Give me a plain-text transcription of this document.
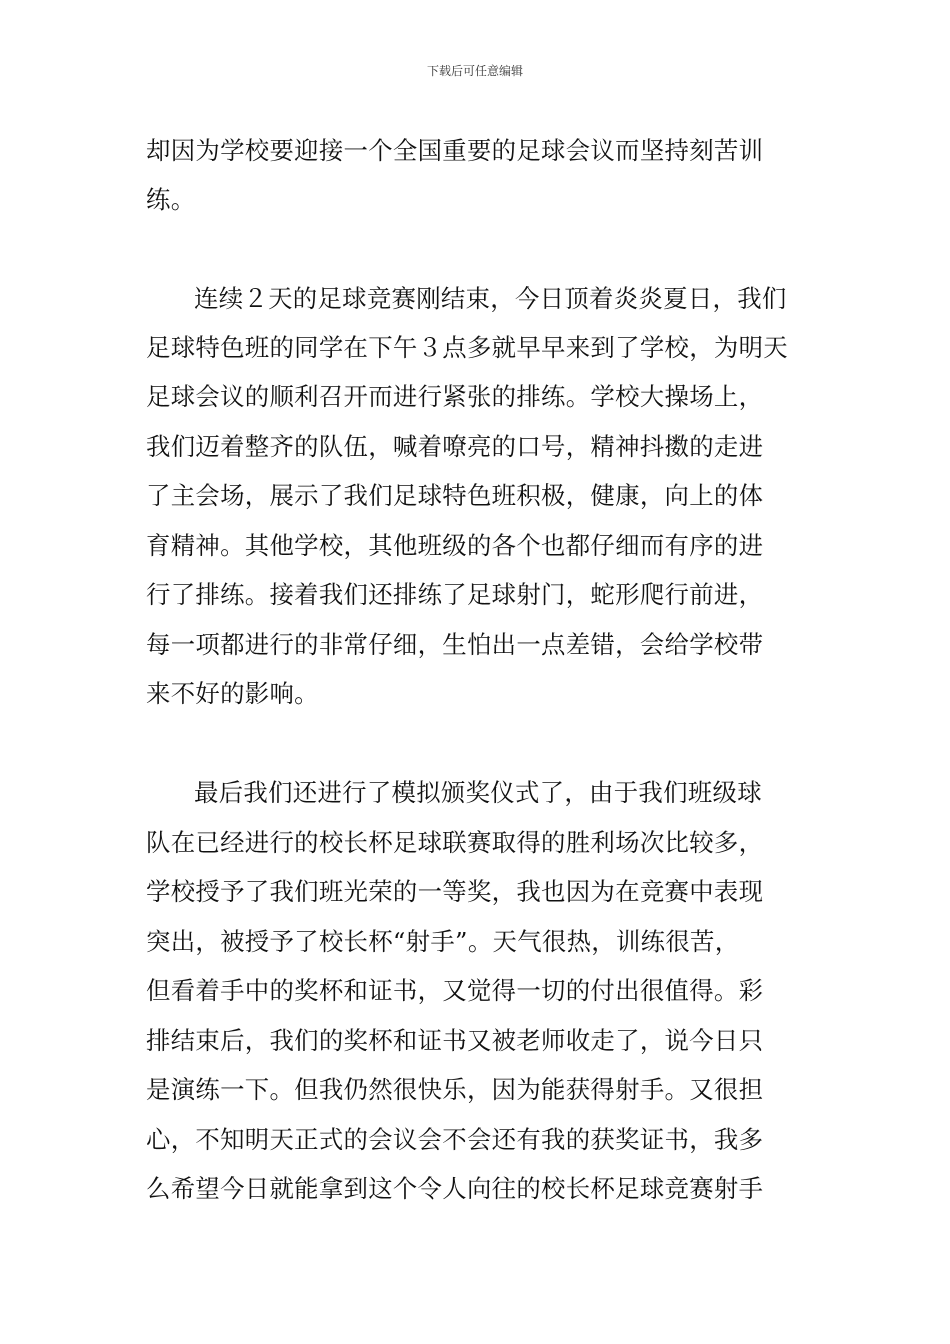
下载后可任意编辑
却因为学校要迎接一个全国重要的足球会议而坚持刻苦训
练。
连续２天的足球竞赛刚结束，今日顶着炎炎夏日，我们
足球特色班的同学在下午３点多就早早来到了学校，为明天
足球会议的顺利召开而进行紧张的排练。学校大操场上，
我们迈着整齐的队伍，喊着嘹亮的口号，精神抖擞的走进
了主会场，展示了我们足球特色班积极，健康，向上的体
育精神。其他学校，其他班级的各个也都仔细而有序的进
行了排练。接着我们还排练了足球射门，蛇形爬行前进，
每一项都进行的非常仔细，生怕出一点差错，会给学校带
来不好的影响。
最后我们还进行了模拟颁奖仪式了，由于我们班级球
队在已经进行的校长杯足球联赛取得的胜利场次比较多，
学校授予了我们班光荣的一等奖，我也因为在竞赛中表现
突出，被授予了校长杯“射手”。天气很热，训练很苦，
但看着手中的奖杯和证书，又觉得一切的付出很值得。彩
排结束后，我们的奖杯和证书又被老师收走了，说今日只
是演练一下。但我仍然很快乐，因为能获得射手。又很担
心，不知明天正式的会议会不会还有我的获奖证书，我多
么希望今日就能拿到这个令人向往的校长杯足球竞赛射手
